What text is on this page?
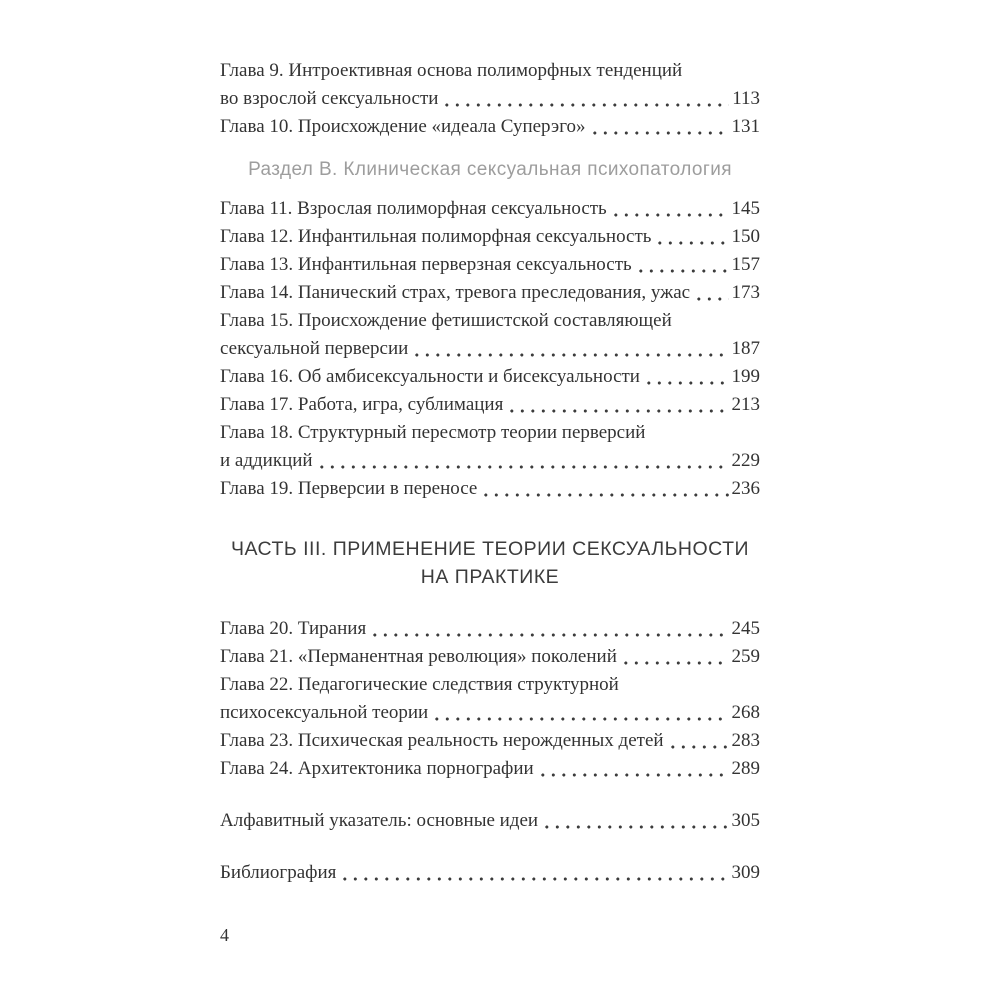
Глава 9. Интроективная основа полиморфных тенденций
во взрослой сексуальности	113
Глава 10. Происхождение «идеала Суперэго»	131
Раздел В. Клиническая сексуальная психопатология
Глава 11. Взрослая полиморфная сексуальность	145
Глава 12. Инфантильная полиморфная сексуальность	150
Глава 13. Инфантильная перверзная сексуальность	157
Глава 14. Панический страх, тревога преследования, ужас 173
Глава 15. Происхождение фетишистской составляющей
сексуальной перверсии	187
Глава 16. Об амбисексуальности и бисексуальности	199
Глава 17. Работа, игра, сублимация	213
Глава 18. Структурный пересмотр теории перверсий
и аддикций	229
Глава 19. Перверсии в переносе	236
ЧАСТЬ III. ПРИМЕНЕНИЕ ТЕОРИИ СЕКСУАЛЬНОСТИ
НА ПРАКТИКЕ
Глава 20. Тирания	245
Глава 21. «Перманентная революция» поколений	259
Глава 22. Педагогические следствия структурной
психосексуальной теории	268
Глава 23. Психическая реальность нерожденных детей	283
Глава 24. Архитектоника порнографии	289
Алфавитный указатель: основные идеи	305
Библиография	309
4
